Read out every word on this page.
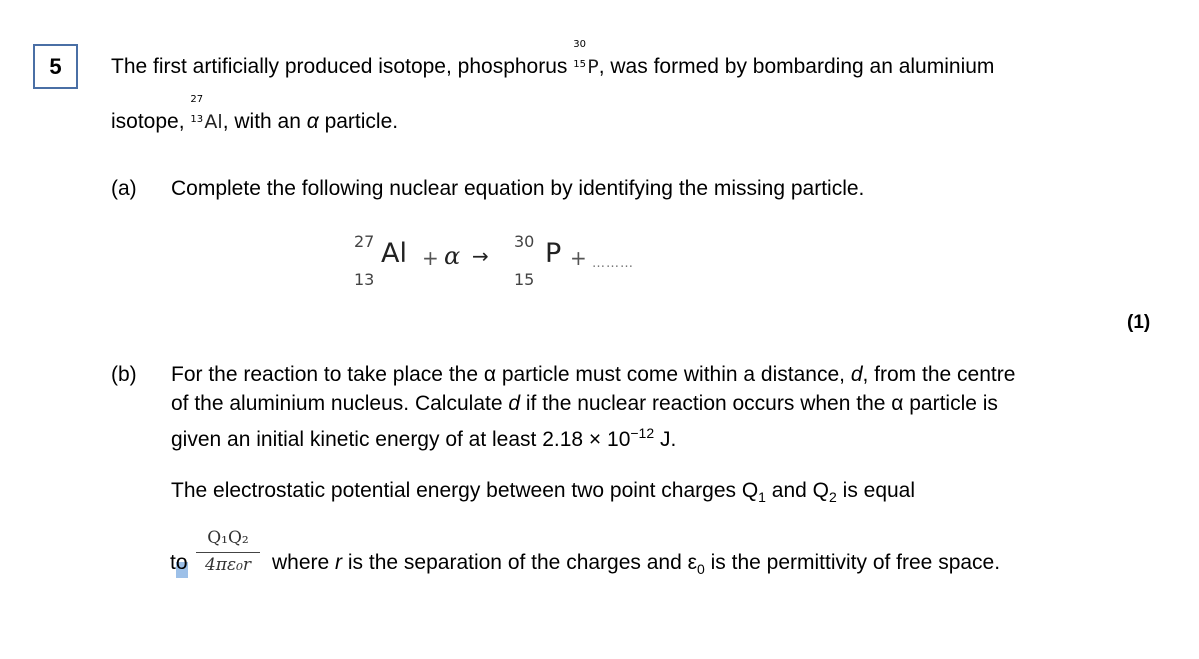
5 The first artificially produced isotope, phosphorus
30
15 P, was formed by bombarding an aluminium
isotope,
27
13 Al, with an α particle.
(a) Complete the following nuclear equation by identifying the missing particle.
27
13
Al + α →
30
15
P + ………
(1)
(b) For the reaction to take place the α particle must come within a distance, d, from the centre
of the aluminium nucleus. Calculate d if the nuclear reaction occurs when the α particle is
given an initial kinetic energy of at least $2.18 \times 10^{-12}$ J.
The electrostatic potential energy between two point charges $Q_1$ and $Q_2$ is equal
to
Q₁Q₂
4πε₀r where r is the separation of the charges and $\varepsilon_0$ is the permittivity of free space.
